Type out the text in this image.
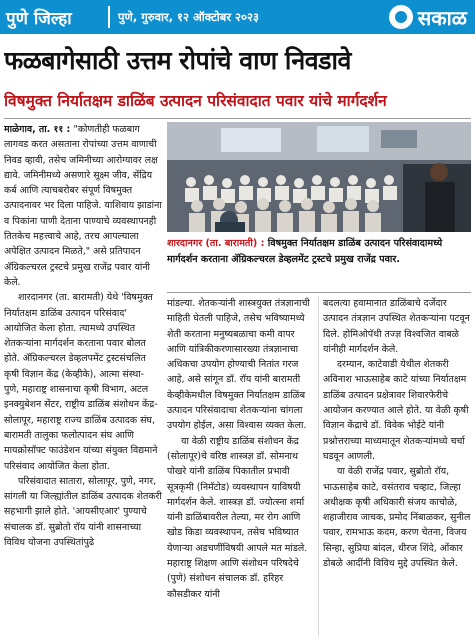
पुणे जिल्हा	पुणे, गुरुवार, १२ ऑक्टोबर २०२३	सकाळ
फळबागेसाठी उत्तम रोपांचे वाण निवडावे
विषमुक्त निर्यातक्षम डाळिंब उत्पादन परिसंवादात पवार यांचे मार्गदर्शन

माळेगाव, ता. ११ : "कोणतीही फळबाग लागवड करत असताना रोपांच्या उत्तम वाणाची निवड व्हावी, तसेच जमिनीच्या आरोग्यावर लक्ष द्यावे. जमिनीमध्ये असणारे सूक्ष्म जीव, सेंद्रिय कर्ब आणि त्याचबरोबर संपूर्ण विषमुक्त उत्पादनावर भर दिला पाहिजे. याशिवाय झाडांना व पिकांना पाणी देताना पाण्याचे व्यवस्थापनही तितकेच महत्त्वाचे आहे, तरच आपल्याला अपेक्षित उत्पादन मिळते," असे प्रतिपादन ॲग्रिकल्चरल ट्रस्टचे प्रमुख राजेंद्र पवार यांनी केले.

शारदानगर (ता. बारामती) येथे 'विषमुक्त निर्यातक्षम डाळिंब उत्पादन परिसंवाद' आयोजित केला होता. त्यामध्ये उपस्थित शेतकऱ्यांना मार्गदर्शन करताना पवार बोलत होते. ॲग्रिकल्चरल डेव्हलपमेंट ट्रस्टसंचलित कृषी विज्ञान केंद्र (केव्हीके), आत्मा संस्था- पुणे, महाराष्ट्र शासनाचा कृषी विभाग, अटल इनक्युबेशन सेंटर, राष्ट्रीय डाळिंब संशोधन केंद्र- सोलापूर, महाराष्ट्र राज्य डाळिंब उत्पादक संघ, बारामती तालुका फलोत्पादन संघ आणि मायक्रोसॉफ्ट फाउंडेशन यांच्या संयुक्त विद्यमाने परिसंवाद आयोजित केला होता.

परिसंवादात सातारा, सोलापूर, पुणे, नगर, सांगली या जिल्ह्यांतील डाळिंब उत्पादक शेतकरी सहभागी झाले होते. 'आयसीएआर' पुण्याचे संचालक डॉ. सुब्रोतो रॉय यांनी शासनाच्या विविध योजना उपस्थितांपुढे

शारदानगर (ता. बारामती) : विषमुक्त निर्यातक्षम डाळिंब उत्पादन परिसंवादामध्ये मार्गदर्शन करताना ॲग्रिकल्चरल डेव्हलमेंट ट्रस्टचे प्रमुख राजेंद्र पवार.

मांडल्या. शेतकऱ्यांनी शास्त्रयुक्त तंत्रज्ञानाची माहिती घेतली पाहिजे, तसेच भविष्यामध्ये शेती करताना मनुष्यबळाचा कमी वापर आणि यांत्रिकीकरणासारख्या तंत्रज्ञानाचा अधिकचा उपयोग होण्याची नितांत गरज आहे, असे सांगून डॉ. रॉय यांनी बारामती केव्हीकेमधील विषमुक्त निर्यातक्षम डाळिंब उत्पादन परिसंवादाचा शेतकऱ्यांना चांगला उपयोग होईल, असा विश्वास व्यक्त केला.

या वेळी राष्ट्रीय डाळिंब संशोधन केंद्र (सोलापूर)चे वरिष्ठ शास्त्रज्ञ डॉ. सोमनाथ पोखरे यांनी डाळिंब पिकातील प्रभावी सूत्रकृमी (निमॅटोड) व्यवस्थापन याविषयी मार्गदर्शन केले. शास्त्रज्ञ डॉ. ज्योत्स्ना शर्मा यांनी डाळिंबावरील तेल्या, मर रोग आणि खोड किडा व्यवस्थापन, तसेच भविष्यात येणाऱ्या अडचणींविषयी आपले मत मांडले. महाराष्ट्र शिक्षण आणि संशोधन परिषदेचे (पुणे) संशोधन संचालक डॉ. हरिहर कौसडीकर यांनी

बदलत्या हवामानात डाळिंबाचे दर्जेदार उत्पादन तंत्रज्ञान उपस्थित शेतकऱ्यांना पटवून दिले. होमिओपॅथी तज्ज्ञ विश्वजित वाबळे यांनीही मार्गदर्शन केले.

दरम्यान, काटेवाडी येथील शेतकरी अविनाश भाऊसाहेब काटे यांच्या निर्यातक्षम डाळिंब उत्पादन प्रक्षेत्रावर शिवारफेरीचे आयोजन करण्यात आले होते. या वेळी कृषी विज्ञान केंद्राचे डॉ. विवेक भोईटे यांनी प्रश्नोत्तराच्या माध्यमातून शेतकऱ्यांमध्ये चर्चा घडवून आणली.

या वेळी राजेंद्र पवार, सुब्रोतो रॉय, भाऊसाहेब काटे, वसंतराव चव्हाट, जिल्हा अधीक्षक कृषी अधिकारी संजय काचोळे, शहाजीराव जाचक, प्रमोद निंबाळकर, सुनील पवार, रामभाऊ कदम, करण चेतना, विजय सिन्हा, सुप्रिया बांदल, धीरज शिंदे, ओंकार डोबळे आदींनी विविध मुद्दे उपस्थित केले.
